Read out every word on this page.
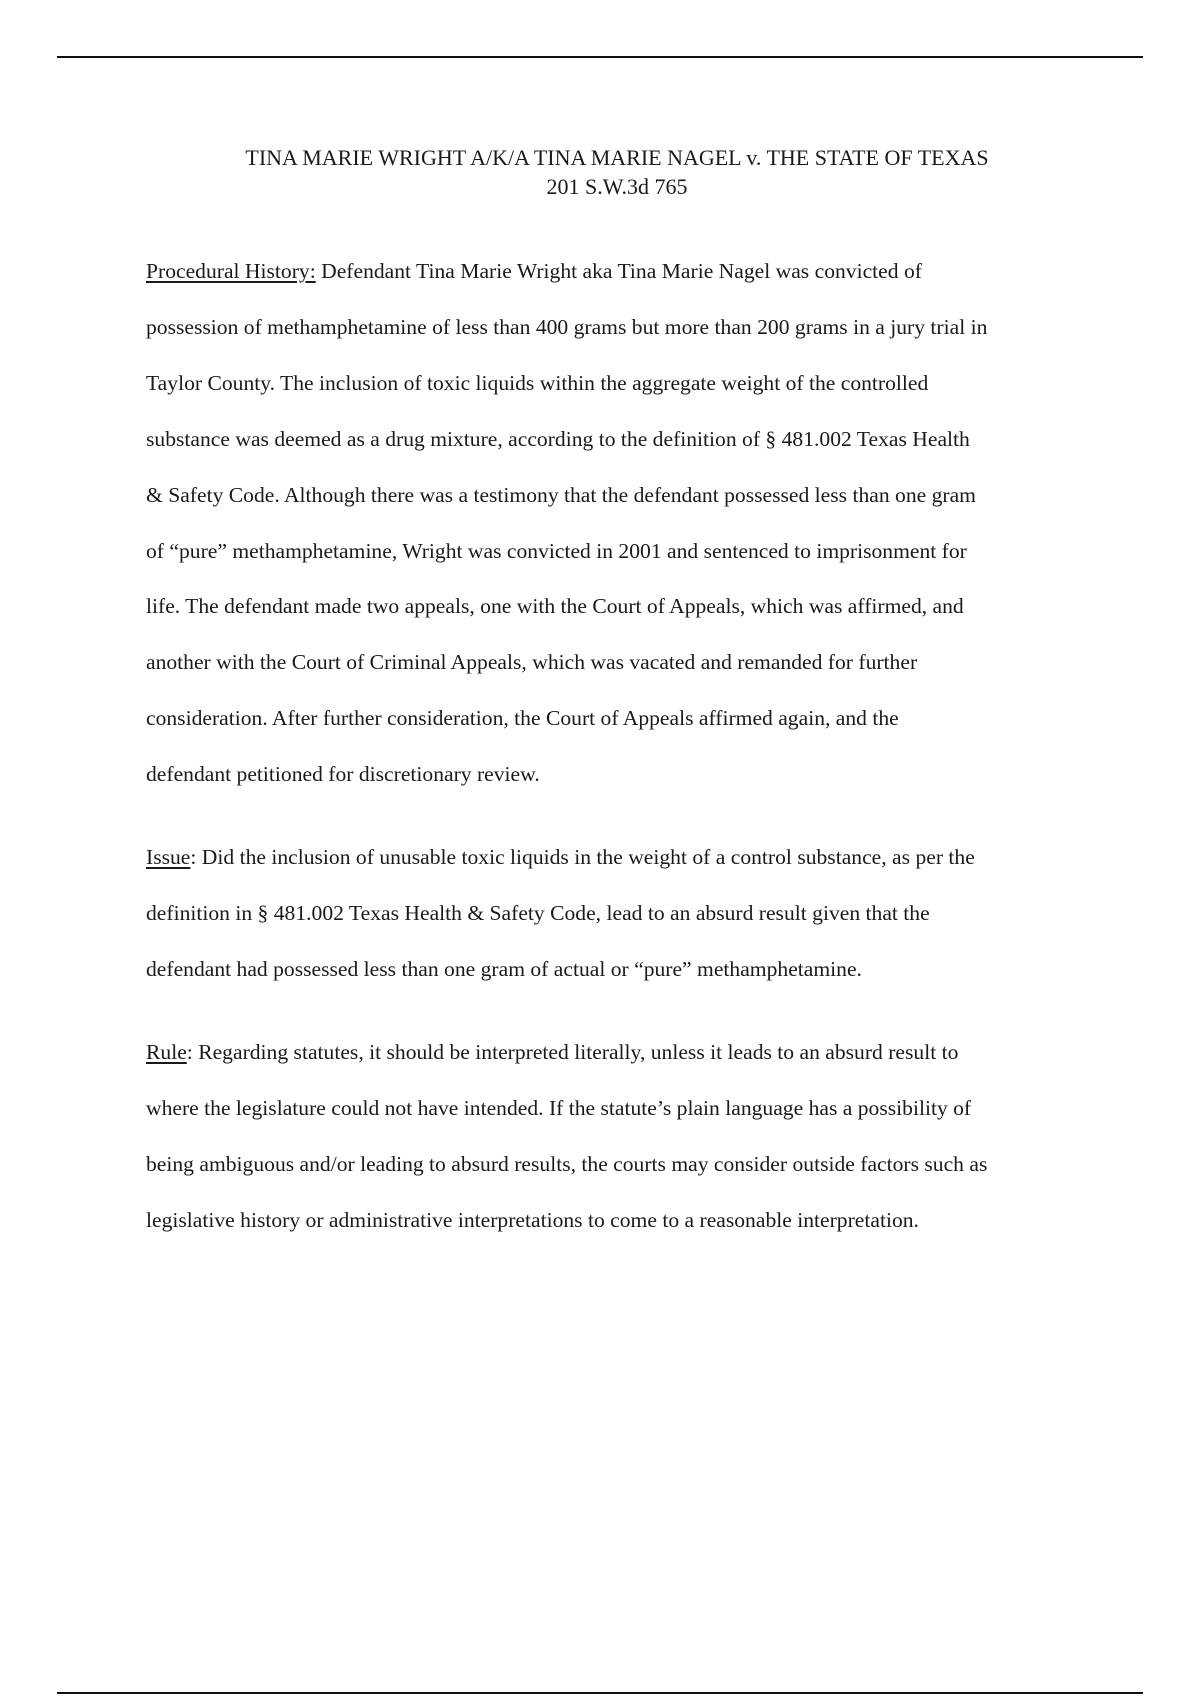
TINA MARIE WRIGHT A/K/A TINA MARIE NAGEL v. THE STATE OF TEXAS
201 S.W.3d 765

Procedural History: Defendant Tina Marie Wright aka Tina Marie Nagel was convicted of
possession of methamphetamine of less than 400 grams but more than 200 grams in a jury trial in
Taylor County. The inclusion of toxic liquids within the aggregate weight of the controlled
substance was deemed as a drug mixture, according to the definition of § 481.002 Texas Health
& Safety Code. Although there was a testimony that the defendant possessed less than one gram
of “pure” methamphetamine, Wright was convicted in 2001 and sentenced to imprisonment for
life. The defendant made two appeals, one with the Court of Appeals, which was affirmed, and
another with the Court of Criminal Appeals, which was vacated and remanded for further
consideration. After further consideration, the Court of Appeals affirmed again, and the
defendant petitioned for discretionary review.

Issue: Did the inclusion of unusable toxic liquids in the weight of a control substance, as per the
definition in § 481.002 Texas Health & Safety Code, lead to an absurd result given that the
defendant had possessed less than one gram of actual or “pure” methamphetamine.

Rule: Regarding statutes, it should be interpreted literally, unless it leads to an absurd result to
where the legislature could not have intended. If the statute’s plain language has a possibility of
being ambiguous and/or leading to absurd results, the courts may consider outside factors such as
legislative history or administrative interpretations to come to a reasonable interpretation.
